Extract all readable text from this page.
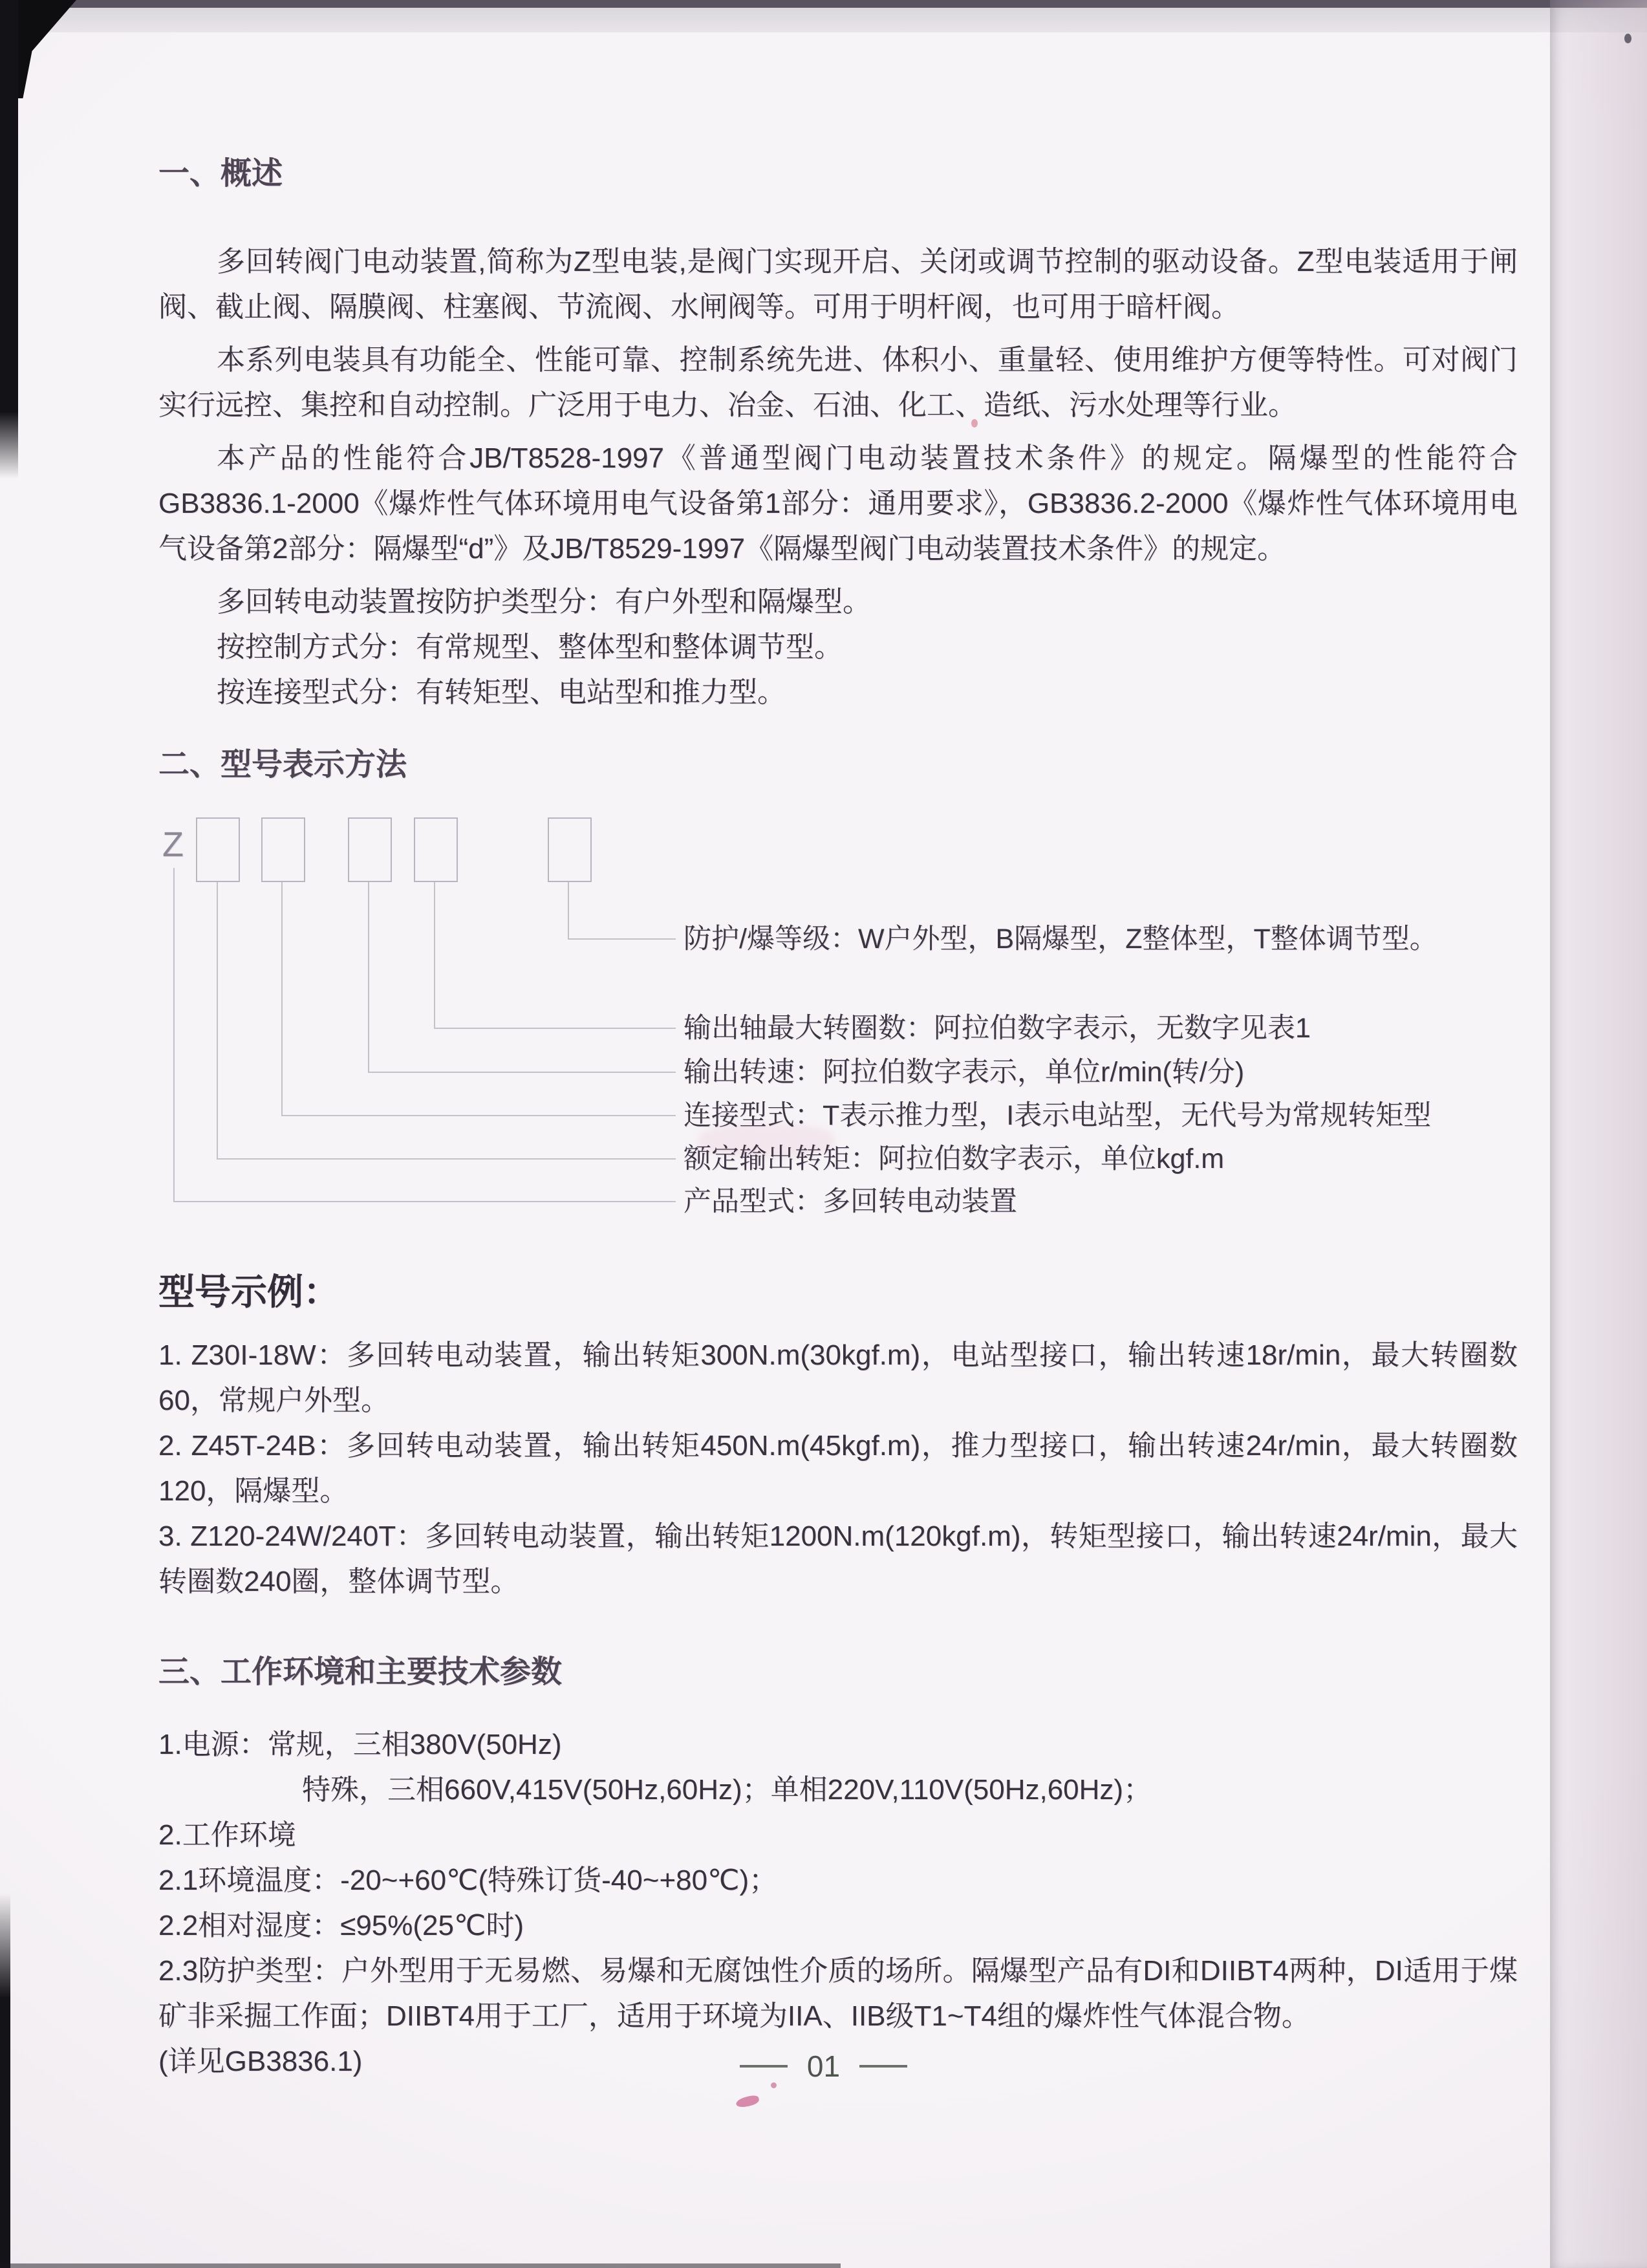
一、概述

多回转阀门电动装置,简称为Z型电装,是阀门实现开启、关闭或调节控制的驱动设备。Z型电装适用于闸阀、截止阀、隔膜阀、柱塞阀、节流阀、水闸阀等。可用于明杆阀，也可用于暗杆阀。

本系列电装具有功能全、性能可靠、控制系统先进、体积小、重量轻、使用维护方便等特性。可对阀门实行远控、集控和自动控制。广泛用于电力、冶金、石油、化工、造纸、污水处理等行业。

本产品的性能符合JB/T8528-1997《普通型阀门电动装置技术条件》的规定。隔爆型的性能符合GB3836.1-2000《爆炸性气体环境用电气设备第1部分：通用要求》，GB3836.2-2000《爆炸性气体环境用电气设备第2部分：隔爆型“d”》及JB/T8529-1997《隔爆型阀门电动装置技术条件》的规定。

多回转电动装置按防护类型分：有户外型和隔爆型。
按控制方式分：有常规型、整体型和整体调节型。
按连接型式分：有转矩型、电站型和推力型。
二、型号表示方法
Z
防护/爆等级：W户外型，B隔爆型，Z整体型，T整体调节型。
输出轴最大转圈数：阿拉伯数字表示，无数字见表1
输出转速：阿拉伯数字表示，单位r/min(转/分)
连接型式：T表示推力型，I表示电站型，无代号为常规转矩型
额定输出转矩：阿拉伯数字表示，单位kgf.m
产品型式：多回转电动装置
型号示例：

1. Z30I-18W：多回转电动装置，输出转矩300N.m(30kgf.m)，电站型接口，输出转速18r/min，最大转圈数60，常规户外型。

2. Z45T-24B：多回转电动装置，输出转矩450N.m(45kgf.m)，推力型接口，输出转速24r/min，最大转圈数120，隔爆型。

3. Z120-24W/240T：多回转电动装置，输出转矩1200N.m(120kgf.m)，转矩型接口，输出转速24r/min，最大转圈数240圈，整体调节型。

三、工作环境和主要技术参数
1.电源：常规，三相380V(50Hz)
特殊，三相660V,415V(50Hz,60Hz)；单相220V,110V(50Hz,60Hz)；
2.工作环境
2.1环境温度：-20~+60℃(特殊订货-40~+80℃)；
2.2相对湿度：≤95%(25℃时)
2.3防护类型：户外型用于无易燃、易爆和无腐蚀性介质的场所。隔爆型产品有DI和DIIBT4两种，DI适用于煤矿非采掘工作面；DIIBT4用于工厂，适用于环境为IIA、IIB级T1~T4组的爆炸性气体混合物。
(详见GB3836.1)	01
